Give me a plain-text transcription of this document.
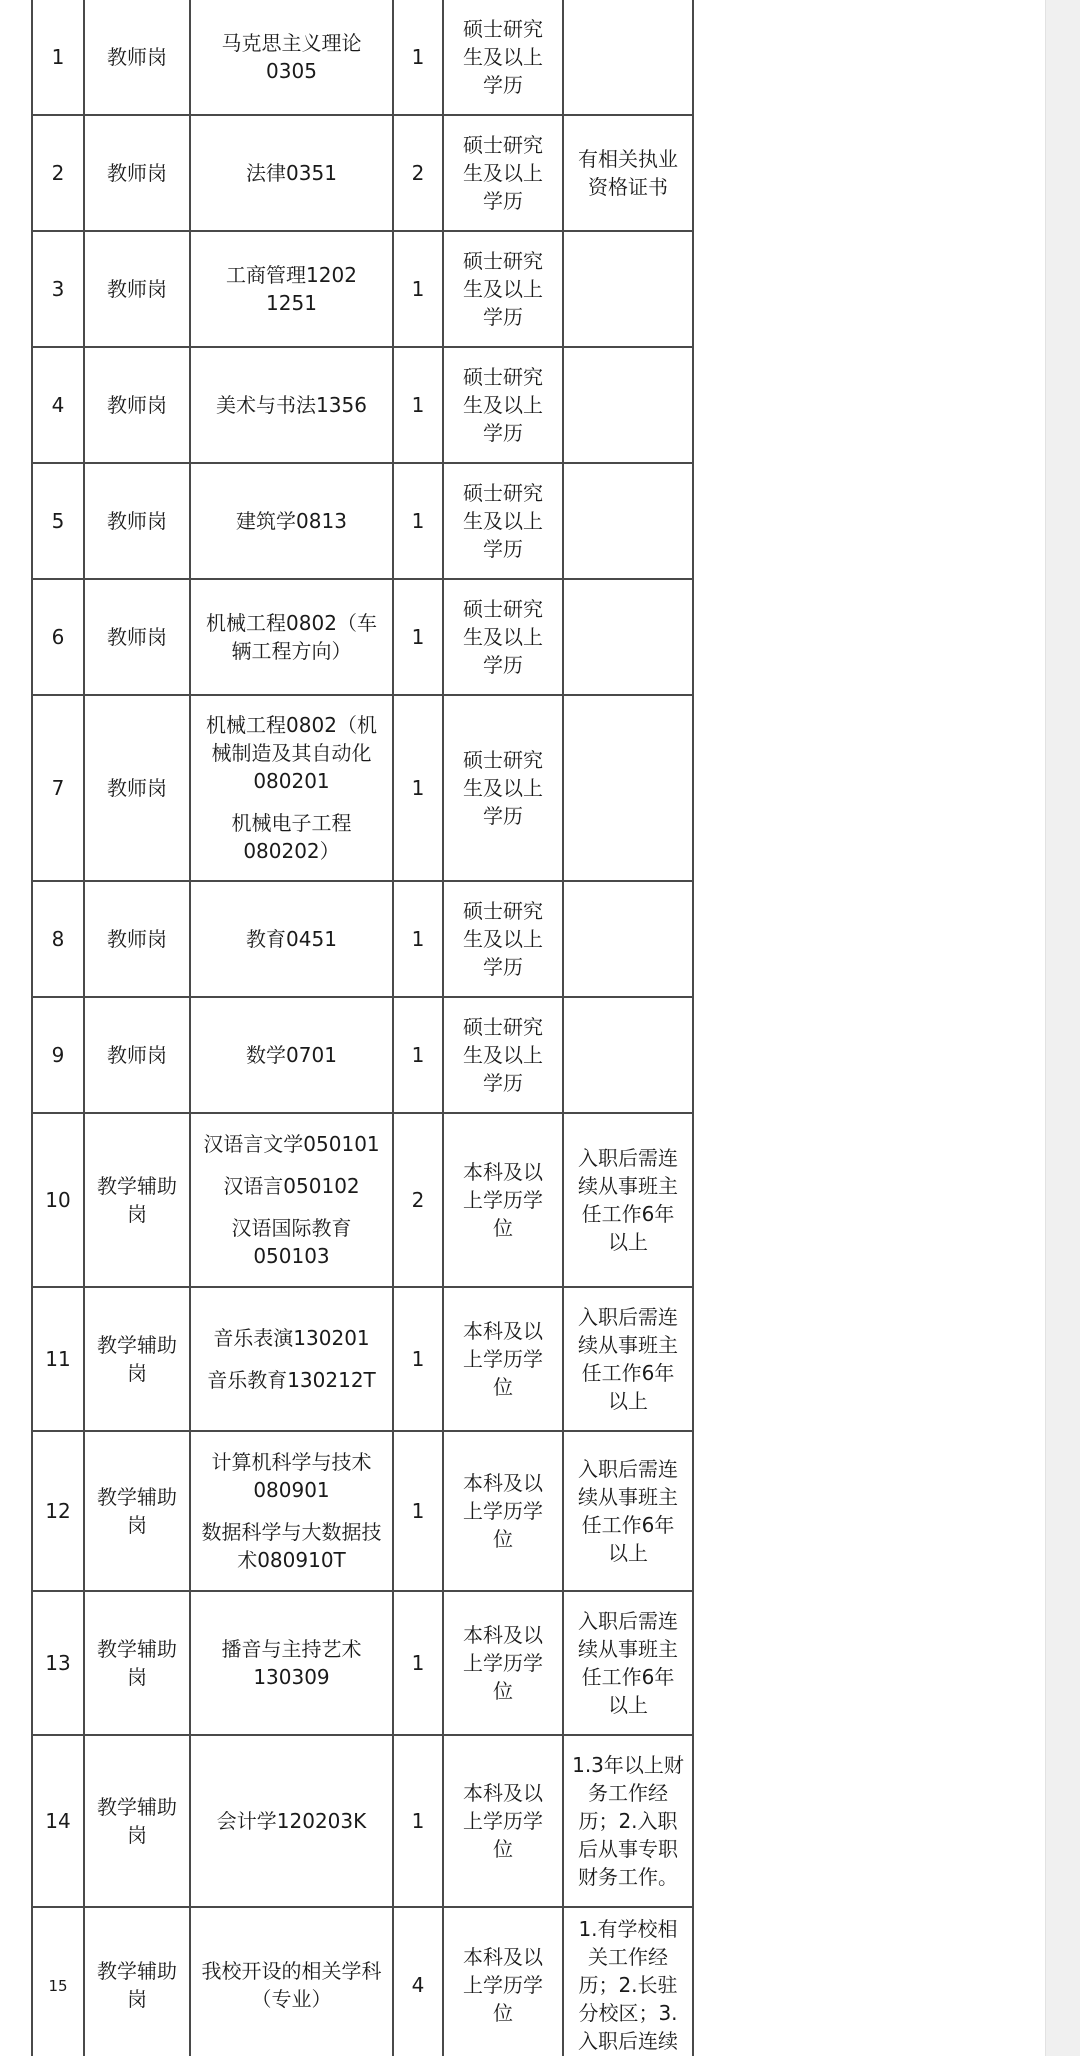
1	教师岗	马克思主义理论
0305	1	硕士研究
生及以上
学历	
2	教师岗	法律0351	2	硕士研究
生及以上
学历	有相关执业
资格证书
3	教师岗	工商管理1202
1251	1	硕士研究
生及以上
学历	
4	教师岗	美术与书法1356	1	硕士研究
生及以上
学历	
5	教师岗	建筑学0813	1	硕士研究
生及以上
学历	
6	教师岗	机械工程0802（车
辆工程方向）	1	硕士研究
生及以上
学历	
7	教师岗	机械工程0802（机
械制造及其自动化
080201
机械电子工程
080202）	1	硕士研究
生及以上
学历	
8	教师岗	教育0451	1	硕士研究
生及以上
学历	
9	教师岗	数学0701	1	硕士研究
生及以上
学历	
10	教学辅助
岗	汉语言文学050101
汉语言050102
汉语国际教育
050103	2	本科及以
上学历学
位	入职后需连
续从事班主
任工作6年
以上
11	教学辅助
岗	音乐表演130201
音乐教育130212T	1	本科及以
上学历学
位	入职后需连
续从事班主
任工作6年
以上
12	教学辅助
岗	计算机科学与技术
080901
数据科学与大数据技
术080910T	1	本科及以
上学历学
位	入职后需连
续从事班主
任工作6年
以上
13	教学辅助
岗	播音与主持艺术
130309	1	本科及以
上学历学
位	入职后需连
续从事班主
任工作6年
以上
14	教学辅助
岗	会计学120203K	1	本科及以
上学历学
位	1.3年以上财
务工作经
历；2.入职
后从事专职
财务工作。
15	教学辅助
岗	我校开设的相关学科
（专业）	4	本科及以
上学历学
位	1.有学校相
关工作经
历；2.长驻
分校区；3.
入职后连续
